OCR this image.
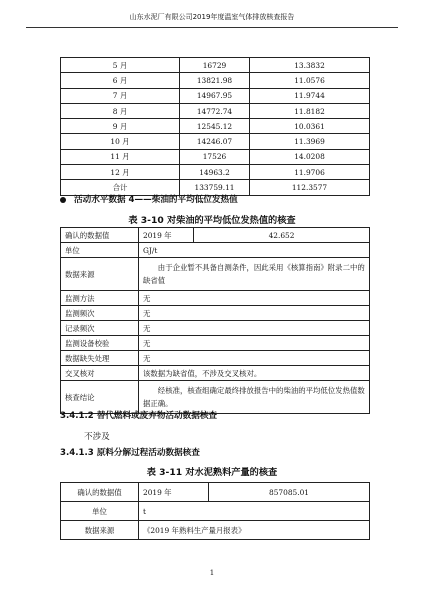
山东水泥厂有限公司2019年度温室气体排放核查报告
5 月	16729	13.3832
6 月	13821.98	11.0576
7 月	14967.95	11.9744
8 月	14772.74	11.8182
9 月	12545.12	10.0361
10 月	14246.07	11.3969
11 月	17526	14.0208
12 月	14963.2	11.9706
合计	133759.11	112.3577
活动水平数据 4——柴油的平均低位发热值
表 3-10 对柴油的平均低位发热值的核查
确认的数据值	2019 年	42.652
单位	GJ/t	
数据来源	由于企业暂不具备自测条件，因此采用《核算指南》附录二中的缺省值	
监测方法	无	
监测频次	无	
记录频次	无	
监测设备校验	无	
数据缺失处理	无	
交叉核对	该数据为缺省值，不涉及交叉核对。	
核查结论	经核准，核查组确定最终排放报告中的柴油的平均低位发热值数据正确。	
3.4.1.2 替代燃料或废弃物活动数据核查
不涉及
3.4.1.3 原料分解过程活动数据核查
表 3-11 对水泥熟料产量的核查
确认的数据值	2019 年	857085.01
单位	t	
数据来源	《2019 年熟料生产量月报表》	
1
